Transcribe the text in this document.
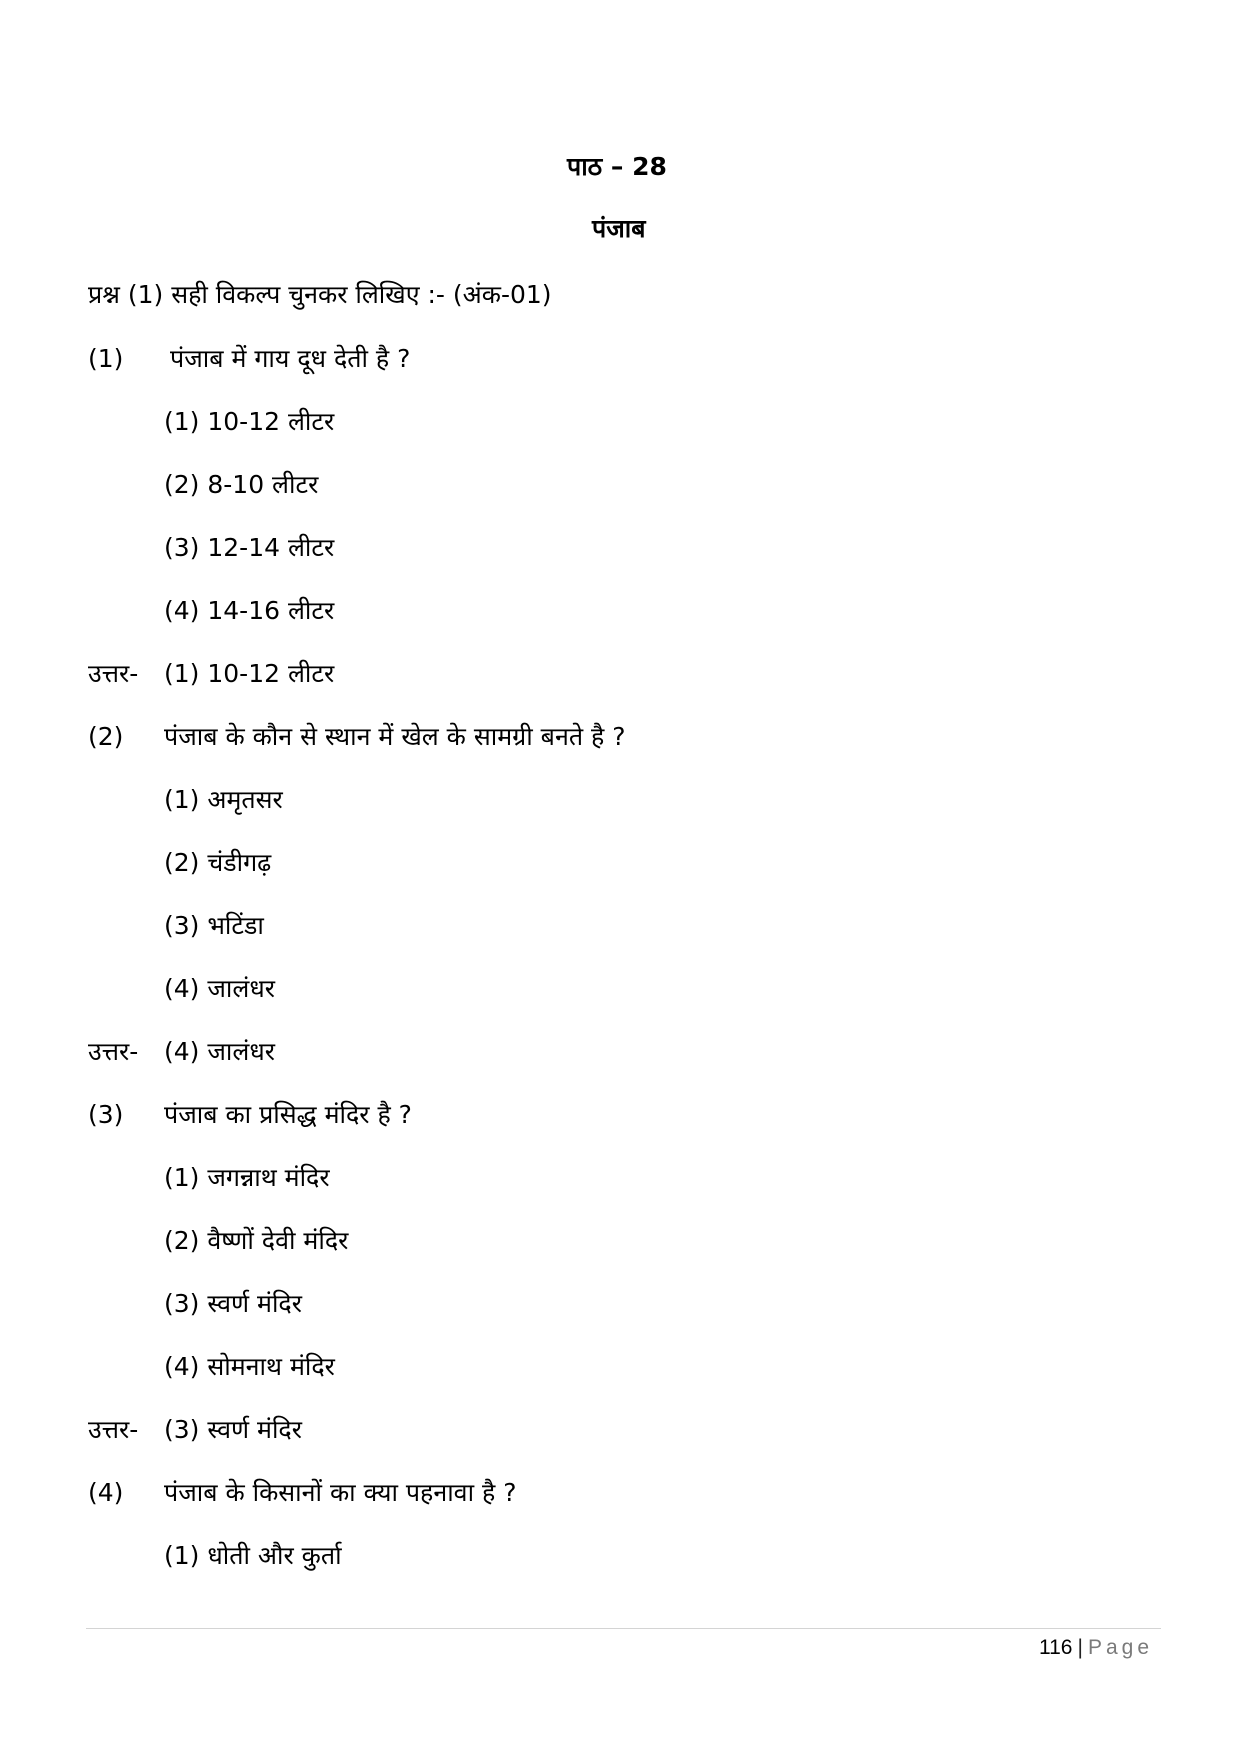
पाठ – 28
पंजाब
प्रश्न (1) सही विकल्प चुनकर लिखिए :- (अंक-01)
(1) पंजाब में गाय दूध देती है ?
(1) 10-12 लीटर
(2) 8-10 लीटर
(3) 12-14 लीटर
(4) 14-16 लीटर
उत्तर- (1) 10-12 लीटर
(2) पंजाब के कौन से स्थान में खेल के सामग्री बनते है ?
(1) अमृतसर
(2) चंडीगढ़
(3) भटिंडा
(4) जालंधर
उत्तर- (4) जालंधर
(3) पंजाब का प्रसिद्ध मंदिर है ?
(1) जगन्नाथ मंदिर
(2) वैष्णों देवी मंदिर
(3) स्वर्ण मंदिर
(4) सोमनाथ मंदिर
उत्तर- (3) स्वर्ण मंदिर
(4) पंजाब के किसानों का क्या पहनावा है ?
(1) धोती और कुर्ता
116 | Page
